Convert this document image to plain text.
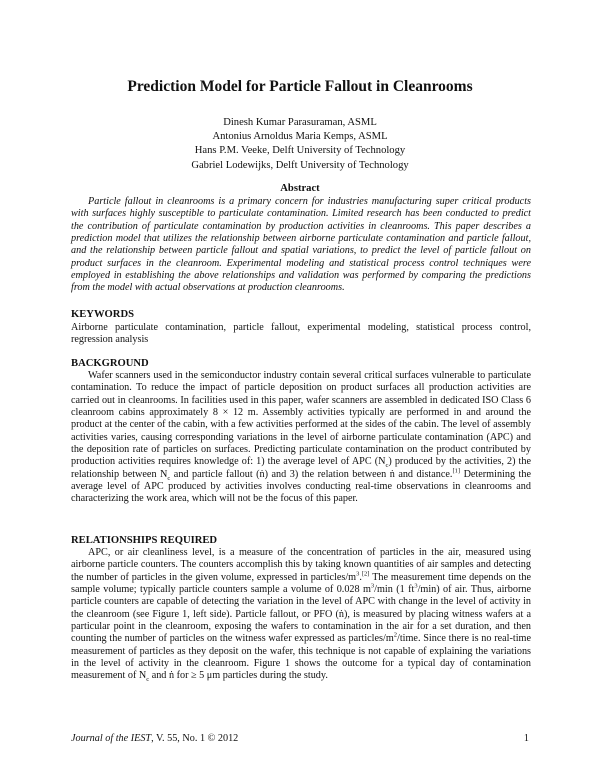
Prediction Model for Particle Fallout in Cleanrooms
Dinesh Kumar Parasuraman, ASML
Antonius Arnoldus Maria Kemps, ASML
Hans P.M. Veeke, Delft University of Technology
Gabriel Lodewijks, Delft University of Technology
Abstract

Particle fallout in cleanrooms is a primary concern for industries manufacturing super critical products with surfaces highly susceptible to particulate contamination. Limited research has been conducted to predict the contribution of particulate contamination by production activities in cleanrooms. This paper describes a prediction model that utilizes the relationship between airborne particulate contamination and particle fallout, and the relationship between particle fallout and spatial variations, to predict the level of particle fallout on product surfaces in the cleanroom. Experimental modeling and statistical process control techniques were employed in establishing the above relationships and validation was performed by comparing the predictions from the model with actual observations at production cleanrooms.

KEYWORDS

Airborne particulate contamination, particle fallout, experimental modeling, statistical process control, regression analysis

BACKGROUND

Wafer scanners used in the semiconductor industry contain several critical surfaces vulnerable to particulate contamination. To reduce the impact of particle deposition on product surfaces all production activities are carried out in cleanrooms. In facilities used in this paper, wafer scanners are assembled in dedicated ISO Class 6 cleanroom cabins approximately 8 × 12 m. Assembly activities typically are performed in and around the product at the center of the cabin, with a few activities performed at the sides of the cabin. The level of assembly activities varies, causing corresponding variations in the level of airborne particulate contamination (APC) and the deposition rate of particles on surfaces. Predicting particulate contamination on the product contributed by production activities requires knowledge of: 1) the average level of APC $(N_c)$ produced by the activities, 2) the relationship between $N_c$ and particle fallout (ṅ) and 3) the relation between ṅ and distance.[1] Determining the average level of APC produced by activities involves conducting real-time observations in cleanrooms and characterizing the work area, which will not be the focus of this paper.

RELATIONSHIPS REQUIRED

APC, or air cleanliness level, is a measure of the concentration of particles in the air, measured using airborne particle counters. The counters accomplish this by taking known quantities of air samples and detecting the number of particles in the given volume, expressed in particles/$m^3.[2]$ The measurement time depends on the sample volume; typically particle counters sample a volume of 0.028 $m^3/\min$ (1 $ft^3/\min$) of air. Thus, airborne particle counters are capable of detecting the variation in the level of APC with change in the level of activity in the cleanroom (see Figure 1, left side). Particle fallout, or PFO (ṅ), is measured by placing witness wafers at a particular point in the cleanroom, exposing the wafers to contamination in the air for a set duration, and then counting the number of particles on the witness wafer expressed as particles/$m^2$/time. Since there is no real-time measurement of particles as they deposit on the wafer, this technique is not capable of explaining the variations in the level of activity in the cleanroom. Figure 1 shows the outcome for a typical day of contamination measurement of $N_c$ and ṅ for ≥ 5 μm particles during the study.

Journal of the IEST, V. 55, No. 1 © 2012	1
